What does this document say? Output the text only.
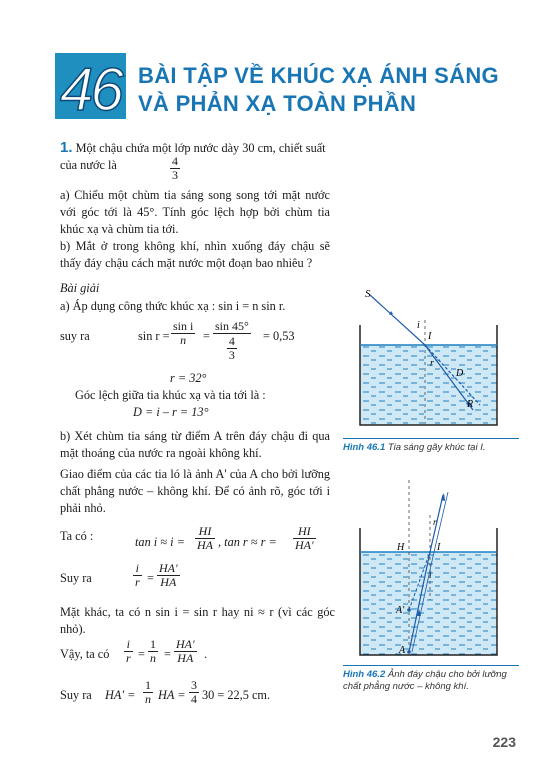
46 BÀI TẬP VỀ KHÚC XẠ ÁNH SÁNG
VÀ PHẢN XẠ TOÀN PHẦN
1. Một chậu chứa một lớp nước dày 30 cm, chiết suất của nước là	$\frac{4}{3}$
a) Chiếu một chùm tia sáng song song tới mặt nước với góc tới là 45°. Tính góc lệch hợp bởi chùm tia khúc xạ và chùm tia tới.
b) Mắt ở trong không khí, nhìn xuống đáy chậu sẽ thấy đáy chậu cách mặt nước một đoạn bao nhiêu ?
Bài giải
a) Áp dụng công thức khúc xạ : sin i = n sin r.
suy ra	$\sin r = \frac{\text{sin i}}{n} = \frac{\sin 45^\circ}{\frac{4}{3}} = 0,53$
r = 32°
Góc lệch giữa tia khúc xạ và tia tới là :
D = i – r = 13°
b) Xét chùm tia sáng từ điểm A trên đáy chậu đi qua mặt thoáng của nước ra ngoài không khí.
Giao điểm của các tia ló là ảnh A' của A cho bởi lưỡng chất phẳng nước – không khí. Để có ảnh rõ, góc tới i phải nhỏ.
Ta có :	$\tan i \approx i = \frac{HI}{HA}$ , $\tan r \approx r = \frac{HI}{HA'}$
Suy ra	$\frac{i}{r} = \frac{HA'}{HA}$
Mặt khác, ta có n sin i = sin r hay ni ≈ r (vì các góc nhỏ).
Vậy, ta có $\frac{i}{r} = \frac{1}{n} = \frac{HA'}{HA}$ .
Suy ra $HA' = \frac{1}{n}$ HA = $\frac{3}{4} 30 = 22,5$ cm.
S
i
I
r
D
R
Hình 46.1 Tia sáng gãy khúc tại I.
H	I
r
i
A'
A
Hình 46.2 Ảnh đáy chậu cho bởi lưỡng chất phẳng nước – không khí.
223
